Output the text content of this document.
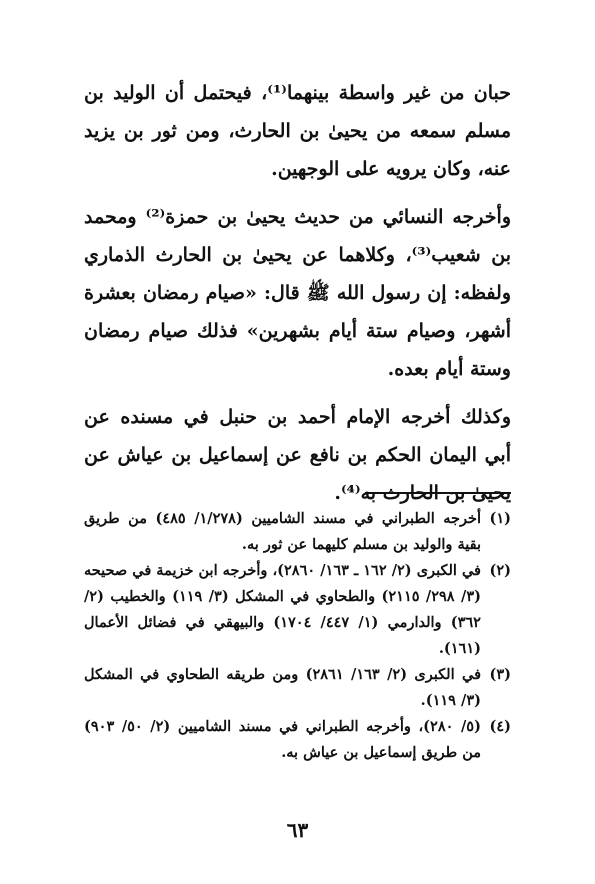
حبان من غير واسطة بينهما⁽¹⁾، فيحتمل أن الوليد بن مسلم سمعه من يحيىٰ بن الحارث، ومن ثور بن يزيد عنه، وكان يرويه على الوجهين.

وأخرجه النسائي من حديث يحيىٰ بن حمزة⁽²⁾ ومحمد بن شعيب⁽³⁾، وكلاهما عن يحيىٰ بن الحارث الذماري ولفظه: إن رسول الله ﷺ قال: «صيام رمضان بعشرة أشهر، وصيام ستة أيام بشهرين» فذلك صيام رمضان وستة أيام بعده.

وكذلك أخرجه الإمام أحمد بن حنبل في مسنده عن أبي اليمان الحكم بن نافع عن إسماعيل بن عياش عن يحيىٰ بن الحارث به⁽⁴⁾.

(١)
أخرجه الطبراني في مسند الشاميين (١/٢٧٨/ ٤٨٥) من طريق بقية والوليد بن مسلم كليهما عن ثور به.
(٢)
في الكبرى (٢/ ١٦٢ ـ ١٦٣/ ٢٨٦٠)، وأخرجه ابن خزيمة في صحيحه (٣/ ٢٩٨/ ٢١١٥) والطحاوي في المشكل (٣/ ١١٩) والخطيب (٢/ ٣٦٢) والدارمي (١/ ٤٤٧/ ١٧٠٤) والبيهقي في فضائل الأعمال (١٦١).
(٣)
في الكبرى (٢/ ١٦٣/ ٢٨٦١) ومن طريقه الطحاوي في المشكل (٣/ ١١٩).
(٤)
(٥/ ٢٨٠)، وأخرجه الطبراني في مسند الشاميين (٢/ ٥٠/ ٩٠٣) من طريق إسماعيل بن عياش به.
٦٣
